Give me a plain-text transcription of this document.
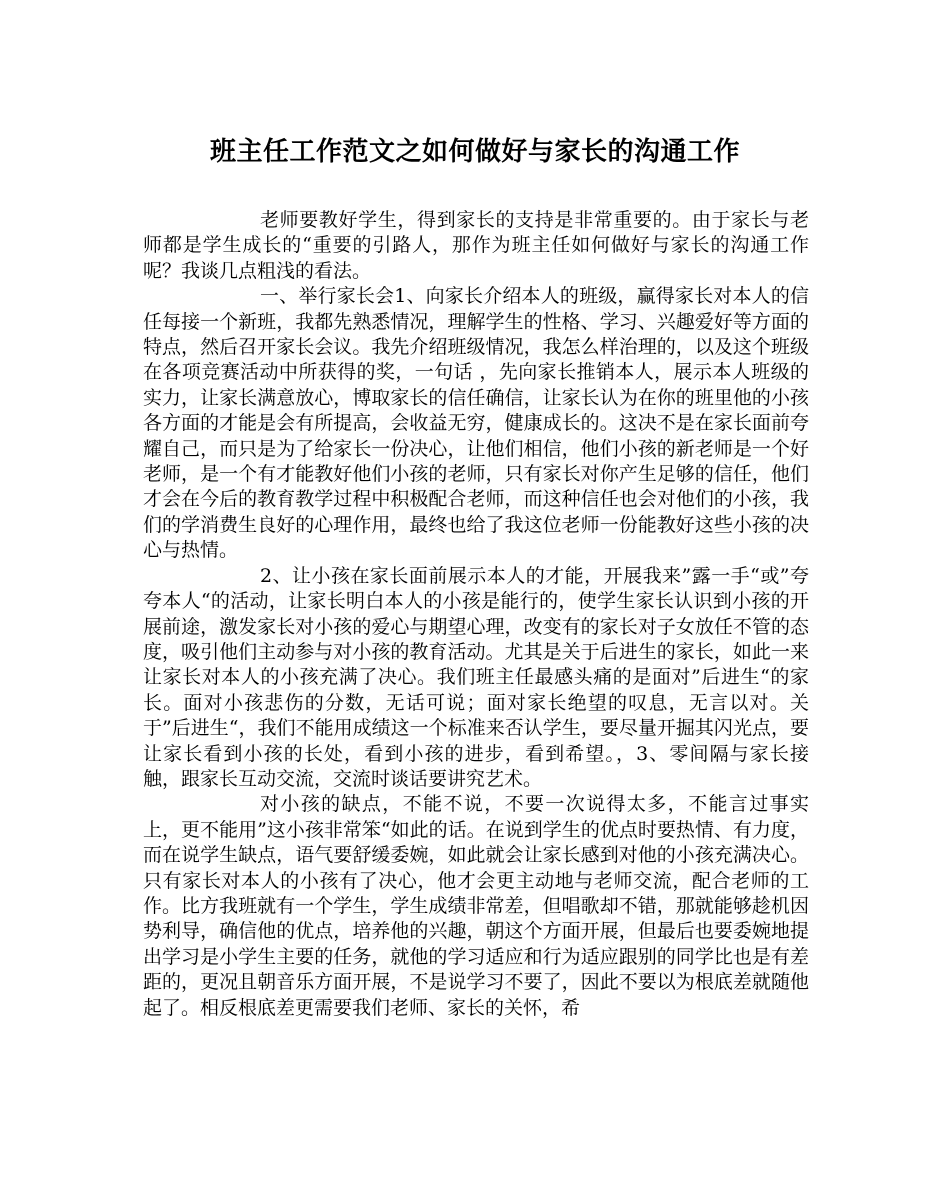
班主任工作范文之如何做好与家长的沟通工作

老师要教好学生，得到家长的支持是非常重要的。由于家长与老师都是学生成长的“重要的引路人，那作为班主任如何做好与家长的沟通工作呢？我谈几点粗浅的看法。

一、举行家长会1、向家长介绍本人的班级，赢得家长对本人的信任每接一个新班，我都先熟悉情况，理解学生的性格、学习、兴趣爱好等方面的特点，然后召开家长会议。我先介绍班级情况，我怎么样治理的，以及这个班级在各项竞赛活动中所获得的奖，一句话 ，先向家长推销本人，展示本人班级的实力，让家长满意放心，博取家长的信任确信，让家长认为在你的班里他的小孩各方面的才能是会有所提高，会收益无穷，健康成长的。这决不是在家长面前夸耀自己，而只是为了给家长一份决心，让他们相信，他们小孩的新老师是一个好老师，是一个有才能教好他们小孩的老师，只有家长对你产生足够的信任，他们才会在今后的教育教学过程中积极配合老师，而这种信任也会对他们的小孩，我们的学消费生良好的心理作用，最终也给了我这位老师一份能教好这些小孩的决心与热情。

2、让小孩在家长面前展示本人的才能，开展我来”露一手“或”夸夸本人“的活动，让家长明白本人的小孩是能行的，使学生家长认识到小孩的开展前途，激发家长对小孩的爱心与期望心理，改变有的家长对子女放任不管的态度，吸引他们主动参与对小孩的教育活动。尤其是关于后进生的家长，如此一来让家长对本人的小孩充满了决心。我们班主任最感头痛的是面对”后进生“的家长。面对小孩悲伤的分数，无话可说；面对家长绝望的叹息，无言以对。关于”后进生“，我们不能用成绩这一个标准来否认学生，要尽量开掘其闪光点，要让家长看到小孩的长处，看到小孩的进步，看到希望。，3、零间隔与家长接触，跟家长互动交流，交流时谈话要讲究艺术。

对小孩的缺点，不能不说，不要一次说得太多，不能言过事实上，更不能用”这小孩非常笨“如此的话。在说到学生的优点时要热情、有力度，而在说学生缺点，语气要舒缓委婉，如此就会让家长感到对他的小孩充满决心。只有家长对本人的小孩有了决心，他才会更主动地与老师交流，配合老师的工作。比方我班就有一个学生，学生成绩非常差，但唱歌却不错，那就能够趁机因势利导，确信他的优点，培养他的兴趣，朝这个方面开展，但最后也要委婉地提出学习是小学生主要的任务，就他的学习适应和行为适应跟别的同学比也是有差距的，更况且朝音乐方面开展，不是说学习不要了，因此不要以为根底差就随他起了。相反根底差更需要我们老师、家长的关怀，希
